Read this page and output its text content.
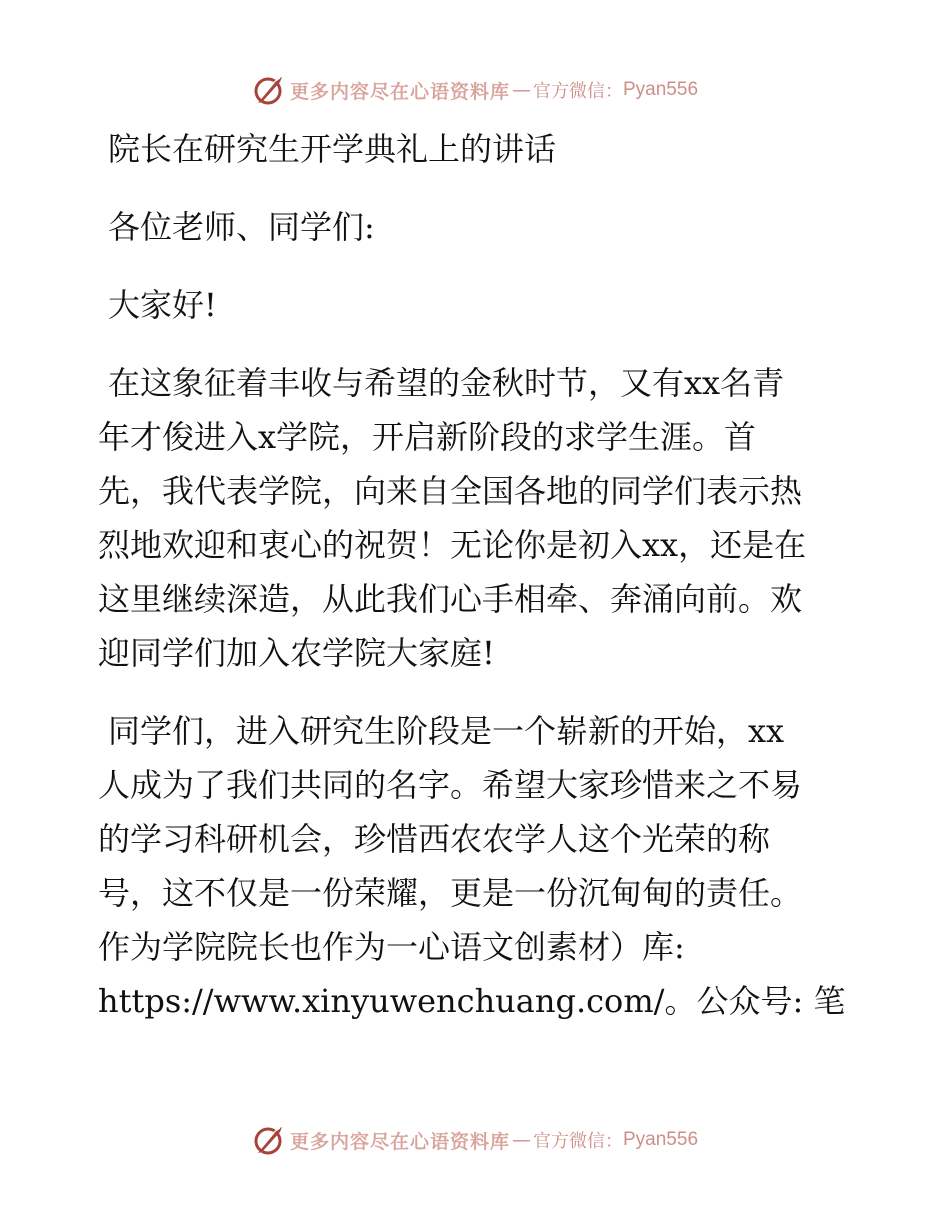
更多内容尽在心语资料库 — 官方微信： Pyan556
院长在研究生开学典礼上的讲话
各位老师、同学们:
大家好!
在这象征着丰收与希望的金秋时节，又有xx名青
年才俊进入x学院，开启新阶段的求学生涯。首
先，我代表学院，向来自全国各地的同学们表示热
烈地欢迎和衷心的祝贺！无论你是初入xx，还是在
这里继续深造，从此我们心手相牵、奔涌向前。欢
迎同学们加入农学院大家庭!
同学们，进入研究生阶段是一个崭新的开始，xx
人成为了我们共同的名字。希望大家珍惜来之不易
的学习科研机会，珍惜西农农学人这个光荣的称
号，这不仅是一份荣耀，更是一份沉甸甸的责任。
作为学院院长也作为一心语文创素材）库:
https://www.xinyuwenchuang.com/。公众号: 笔
更多内容尽在心语资料库 — 官方微信： Pyan556
